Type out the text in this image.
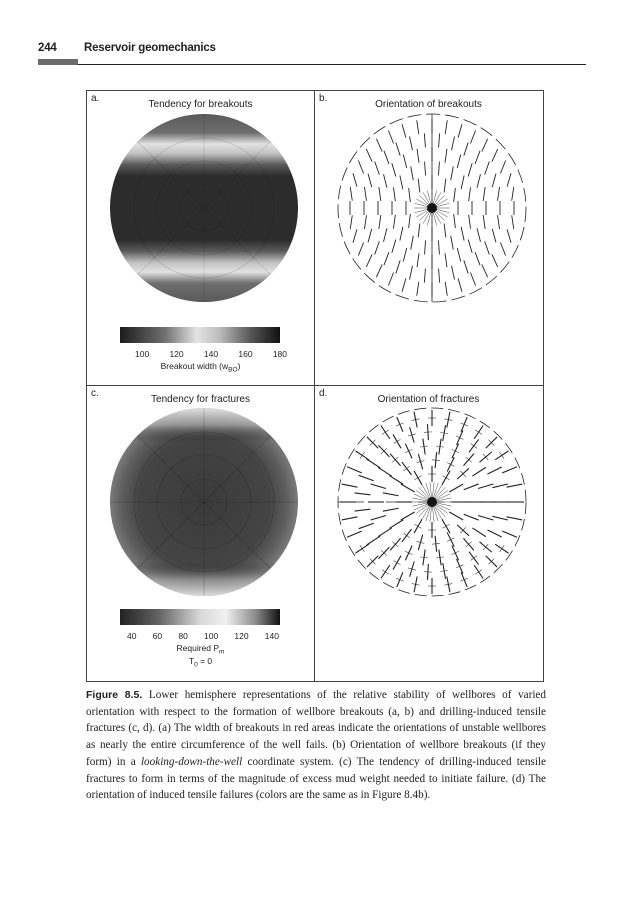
244 Reservoir geomechanics
a.
Tendency for breakouts
100 120 140 160 180
Breakout width $(w_{BO})$
b.
Orientation of breakouts
c.
Tendency for fractures
40 60 80 100 120 140
Required $P_m$
$T_0 = 0$
d.
Orientation of fractures
Figure 8.5. Lower hemisphere representations of the relative stability of wellbores of varied orientation with respect to the formation of wellbore breakouts (a, b) and drilling-induced tensile fractures (c, d). (a) The width of breakouts in red areas indicate the orientations of unstable wellbores as nearly the entire circumference of the well fails. (b) Orientation of wellbore breakouts (if they form) in a looking-down-the-well coordinate system. (c) The tendency of drilling-induced tensile fractures to form in terms of the magnitude of excess mud weight needed to initiate failure. (d) The orientation of induced tensile failures (colors are the same as in Figure 8.4b).
